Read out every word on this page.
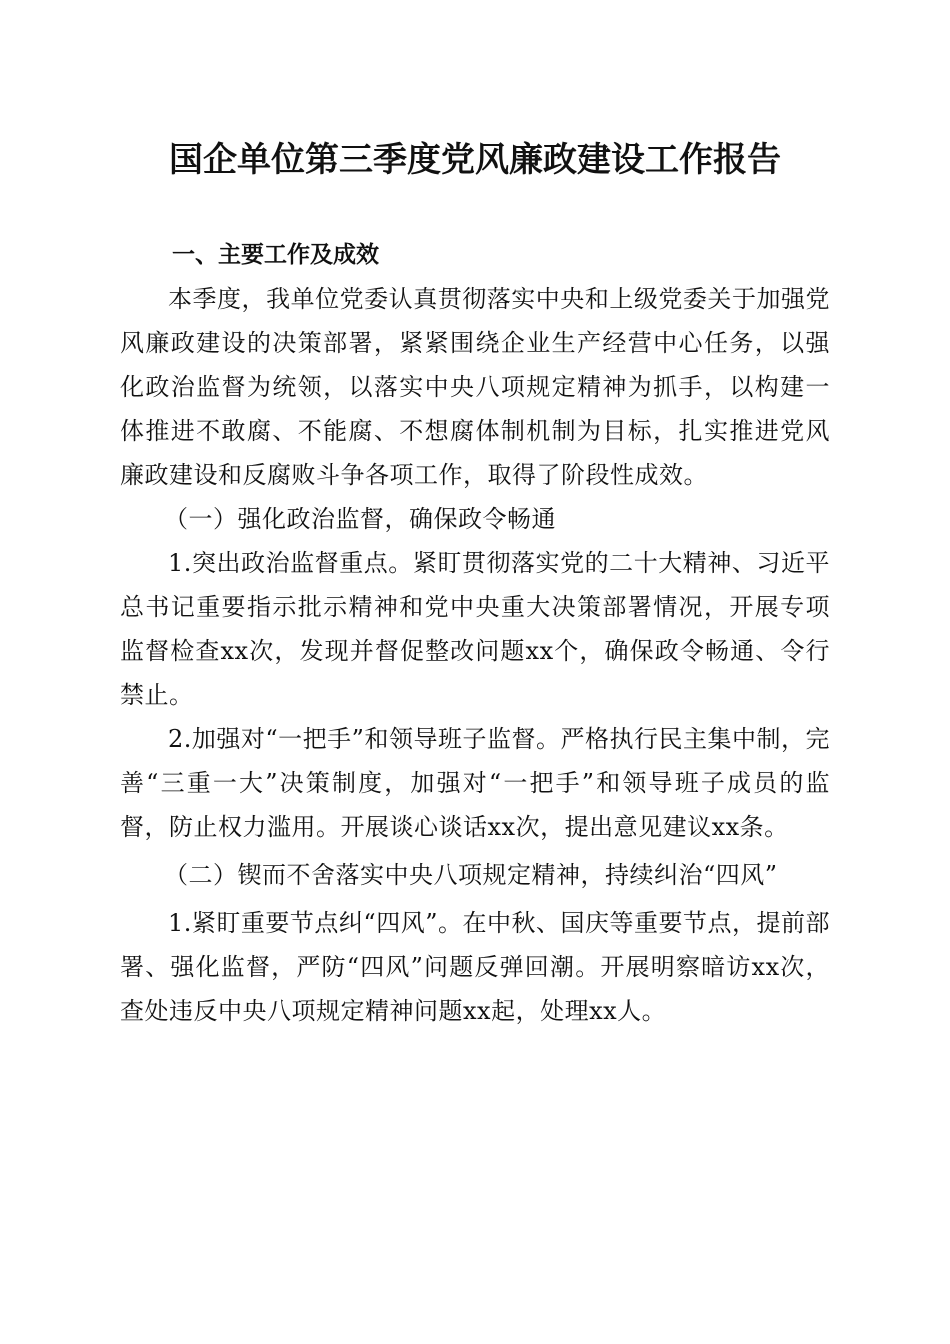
国企单位第三季度党风廉政建设工作报告

一、主要工作及成效

本季度，我单位党委认真贯彻落实中央和上级党委关于加强党风廉政建设的决策部署，紧紧围绕企业生产经营中心任务，以强化政治监督为统领，以落实中央八项规定精神为抓手，以构建一体推进不敢腐、不能腐、不想腐体制机制为目标，扎实推进党风廉政建设和反腐败斗争各项工作，取得了阶段性成效。

（一）强化政治监督，确保政令畅通

1.突出政治监督重点。紧盯贯彻落实党的二十大精神、习近平总书记重要指示批示精神和党中央重大决策部署情况，开展专项监督检查xx次，发现并督促整改问题xx个，确保政令畅通、令行禁止。

2.加强对“一把手”和领导班子监督。严格执行民主集中制，完善“三重一大”决策制度，加强对“一把手”和领导班子成员的监督，防止权力滥用。开展谈心谈话xx次，提出意见建议xx条。

（二）锲而不舍落实中央八项规定精神，持续纠治“四风”

1.紧盯重要节点纠“四风”。在中秋、国庆等重要节点，提前部署、强化监督，严防“四风”问题反弹回潮。开展明察暗访xx次，查处违反中央八项规定精神问题xx起，处理xx人。
